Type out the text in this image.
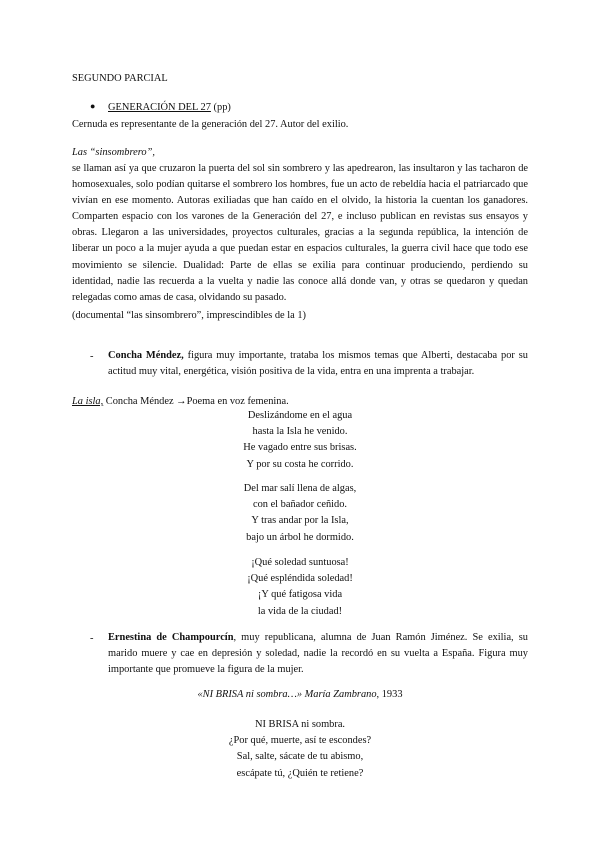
SEGUNDO PARCIAL
● GENERACIÓN DEL 27 (pp)
Cernuda es representante de la generación del 27. Autor del exilio.
Las “sinsombrero”,
se llaman así ya que cruzaron la puerta del sol sin sombrero y las apedrearon, las insultaron y las tacharon de homosexuales, solo podían quitarse el sombrero los hombres, fue un acto de rebeldía hacia el patriarcado que vivían en ese momento. Autoras exiliadas que han caído en el olvido, la historia la cuentan los ganadores. Comparten espacio con los varones de la Generación del 27, e incluso publican en revistas sus ensayos y obras. Llegaron a las universidades, proyectos culturales, gracias a la segunda república, la intención de liberar un poco a la mujer ayuda a que puedan estar en espacios culturales, la guerra civil hace que todo ese movimiento se silencie. Dualidad: Parte de ellas se exilia para continuar produciendo, perdiendo su identidad, nadie las recuerda a la vuelta y nadie las conoce allá donde van, y otras se quedaron y quedan relegadas como amas de casa, olvidando su pasado.
(documental “las sinsombrero”, imprescindibles de la 1)
- Concha Méndez, figura muy importante, trataba los mismos temas que Alberti, destacaba por su actitud muy vital, energética, visión positiva de la vida, entra en una imprenta a trabajar.
La isla, Concha Méndez →Poema en voz femenina.
Deslizándome en el agua
hasta la Isla he venido.
He vagado entre sus brisas.
Y por su costa he corrido.
Del mar salí llena de algas,
con el bañador ceñido.
Y tras andar por la Isla,
bajo un árbol he dormido.
¡Qué soledad suntuosa!
¡Qué espléndida soledad!
¡Y qué fatigosa vida
la vida de la ciudad!
- Ernestina de Champourcín, muy republicana, alumna de Juan Ramón Jiménez. Se exilia, su marido muere y cae en depresión y soledad, nadie la recordó en su vuelta a España. Figura muy importante que promueve la figura de la mujer.
«NI BRISA ni sombra…» María Zambrano, 1933
NI BRISA ni sombra.
¿Por qué, muerte, así te escondes?
Sal, salte, sácate de tu abismo,
escápate tú, ¿Quién te retiene?
